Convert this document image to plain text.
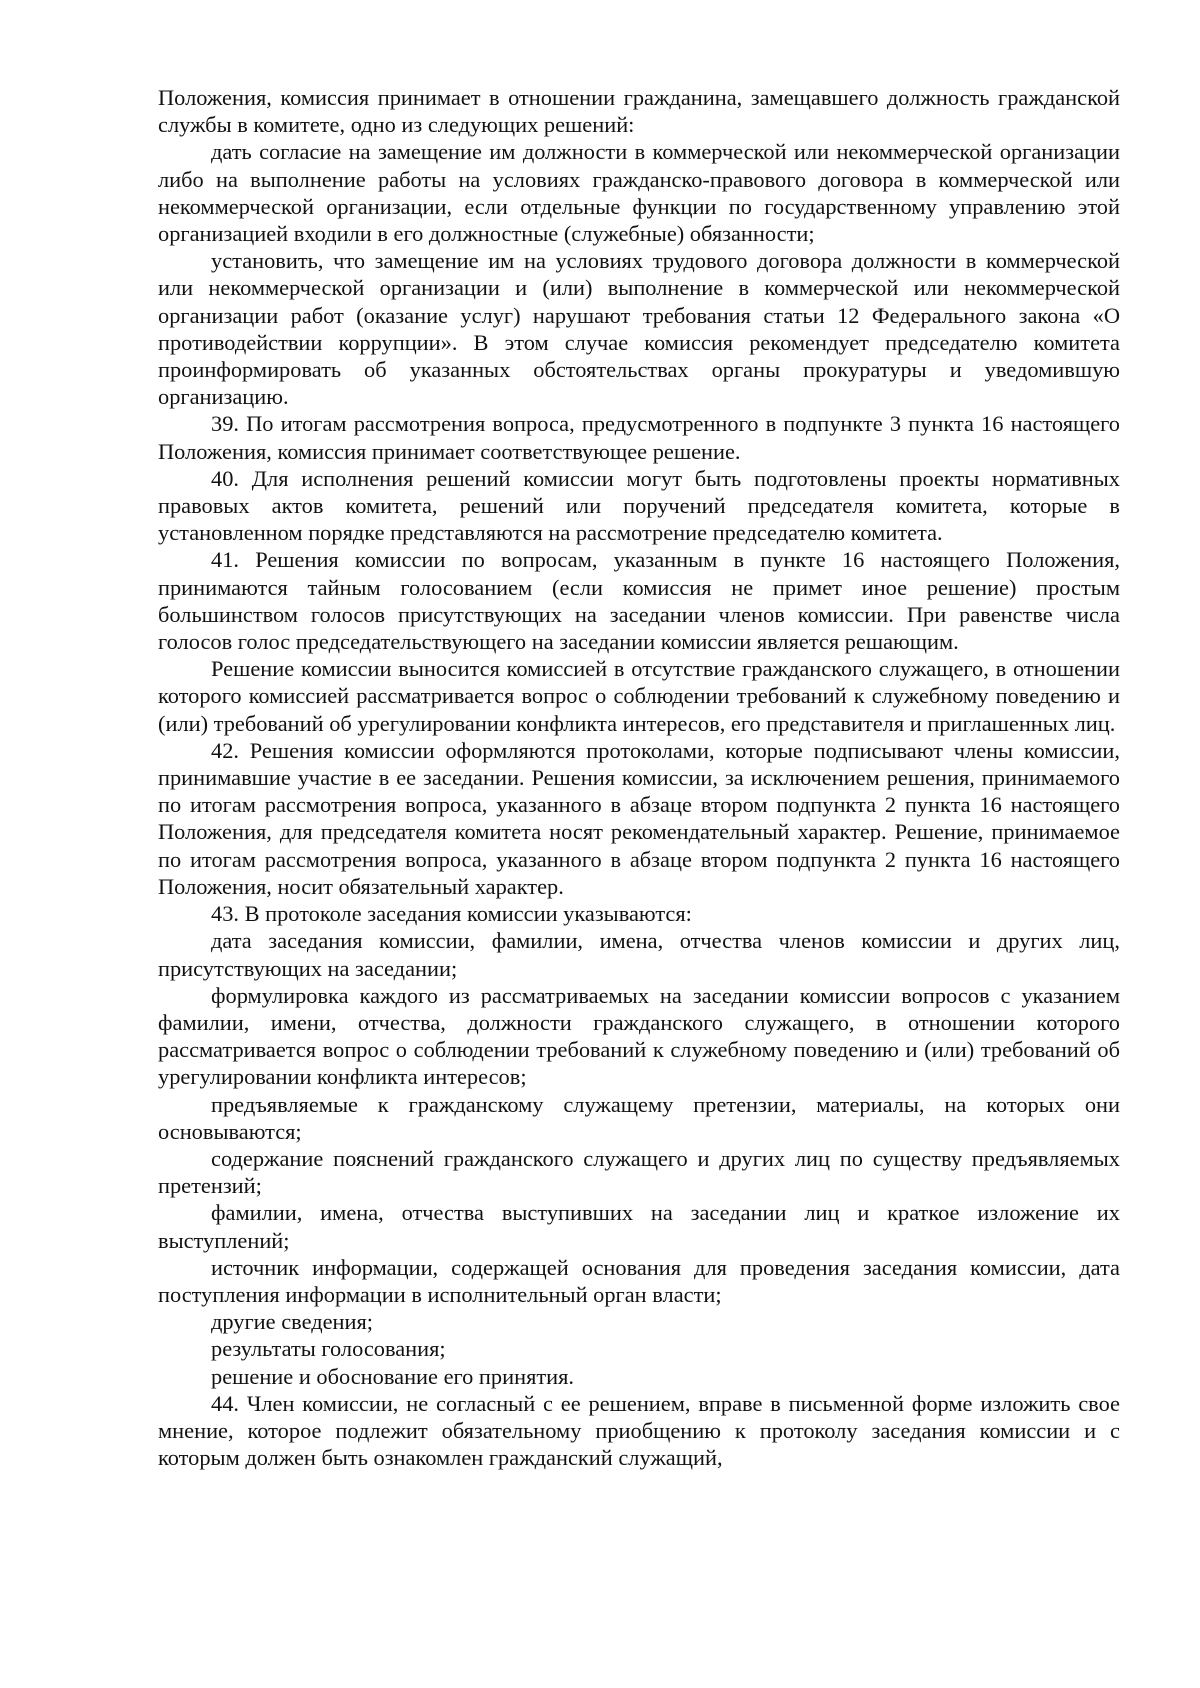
Положения, комиссия принимает в отношении гражданина, замещавшего должность гражданской службы в комитете, одно из следующих решений:

дать согласие на замещение им должности в коммерческой или некоммерческой организации либо на выполнение работы на условиях гражданско-правового договора в коммерческой или некоммерческой организации, если отдельные функции по государственному управлению этой организацией входили в его должностные (служебные) обязанности;

установить, что замещение им на условиях трудового договора должности в коммерческой или некоммерческой организации и (или) выполнение в коммерческой или некоммерческой организации работ (оказание услуг) нарушают требования статьи 12 Федерального закона «О противодействии коррупции». В этом случае комиссия рекомендует председателю комитета проинформировать об указанных обстоятельствах органы прокуратуры и уведомившую организацию.

39. По итогам рассмотрения вопроса, предусмотренного в подпункте 3 пункта 16 настоящего Положения, комиссия принимает соответствующее решение.

40. Для исполнения решений комиссии могут быть подготовлены проекты нормативных правовых актов комитета, решений или поручений председателя комитета, которые в установленном порядке представляются на рассмотрение председателю комитета.

41. Решения комиссии по вопросам, указанным в пункте 16 настоящего Положения, принимаются тайным голосованием (если комиссия не примет иное решение) простым большинством голосов присутствующих на заседании членов комиссии. При равенстве числа голосов голос председательствующего на заседании комиссии является решающим.

Решение комиссии выносится комиссией в отсутствие гражданского служащего, в отношении которого комиссией рассматривается вопрос о соблюдении требований к служебному поведению и (или) требований об урегулировании конфликта интересов, его представителя и приглашенных лиц.

42. Решения комиссии оформляются протоколами, которые подписывают члены комиссии, принимавшие участие в ее заседании. Решения комиссии, за исключением решения, принимаемого по итогам рассмотрения вопроса, указанного в абзаце втором подпункта 2 пункта 16 настоящего Положения, для председателя комитета носят рекомендательный характер. Решение, принимаемое по итогам рассмотрения вопроса, указанного в абзаце втором подпункта 2 пункта 16 настоящего Положения, носит обязательный характер.

43. В протоколе заседания комиссии указываются:

дата заседания комиссии, фамилии, имена, отчества членов комиссии и других лиц, присутствующих на заседании;

формулировка каждого из рассматриваемых на заседании комиссии вопросов с указанием фамилии, имени, отчества, должности гражданского служащего, в отношении которого рассматривается вопрос о соблюдении требований к служебному поведению и (или) требований об урегулировании конфликта интересов;

предъявляемые к гражданскому служащему претензии, материалы, на которых они основываются;

содержание пояснений гражданского служащего и других лиц по существу предъявляемых претензий;

фамилии, имена, отчества выступивших на заседании лиц и краткое изложение их выступлений;

источник информации, содержащей основания для проведения заседания комиссии, дата поступления информации в исполнительный орган власти;

другие сведения;

результаты голосования;

решение и обоснование его принятия.

44. Член комиссии, не согласный с ее решением, вправе в письменной форме изложить свое мнение, которое подлежит обязательному приобщению к протоколу заседания комиссии и с которым должен быть ознакомлен гражданский служащий,
